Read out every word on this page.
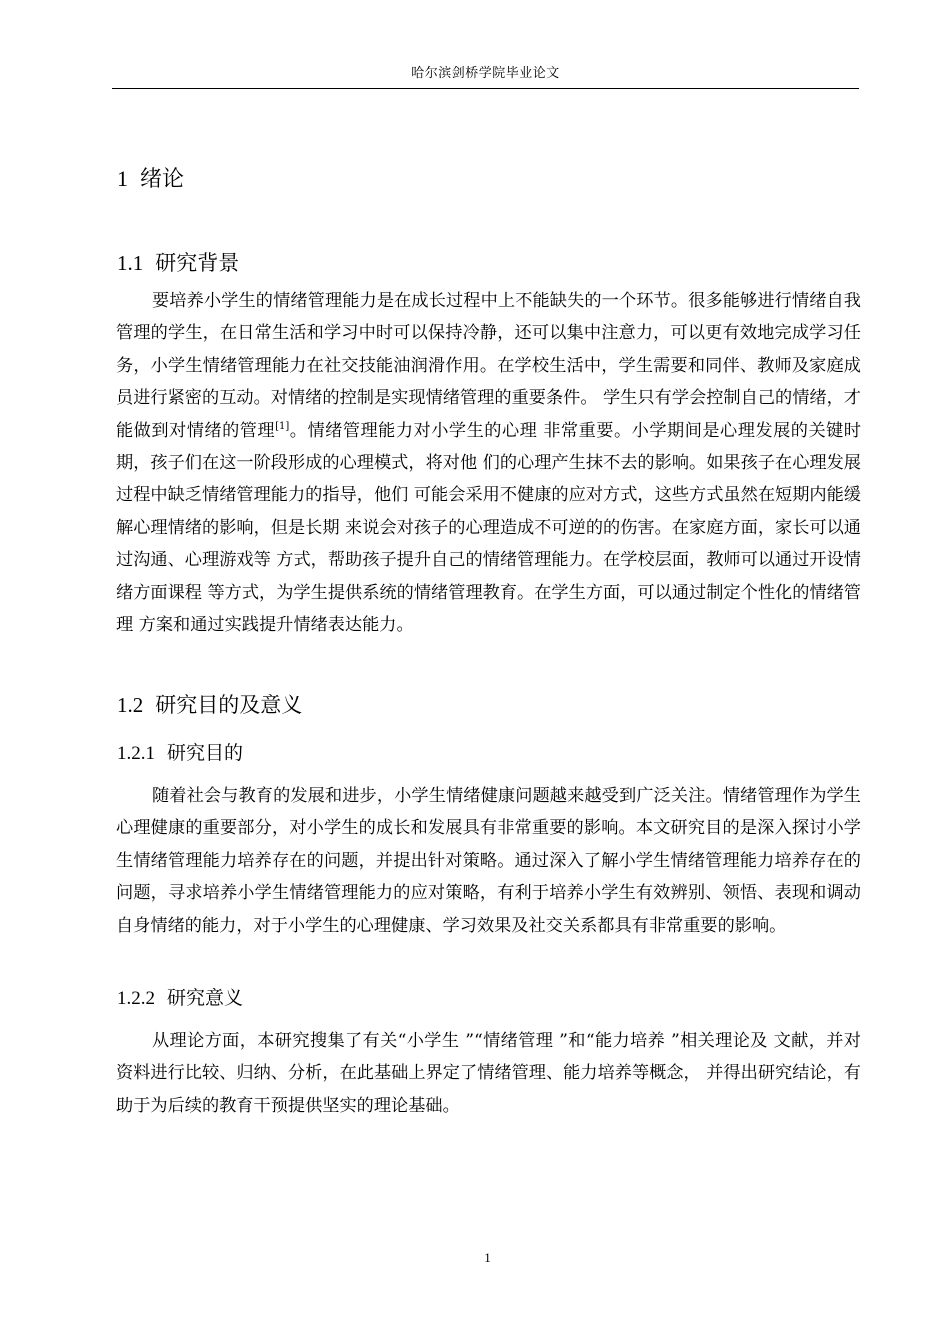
哈尔滨剑桥学院毕业论文
1 绪论
1.1 研究背景

要培养小学生的情绪管理能力是在成长过程中上不能缺失的一个环节。很多能够进行情绪自我管理的学生，在日常生活和学习中时可以保持冷静，还可以集中注意力，可以更有效地完成学习任务，小学生情绪管理能力在社交技能油润滑作用。在学校生活中，学生需要和同伴、教师及家庭成员进行紧密的互动。对情绪的控制是实现情绪管理的重要条件。 学生只有学会控制自己的情绪，才能做到对情绪的管理[1]。情绪管理能力对小学生的心理 非常重要。小学期间是心理发展的关键时期，孩子们在这一阶段形成的心理模式，将对他 们的心理产生抹不去的影响。如果孩子在心理发展过程中缺乏情绪管理能力的指导，他们 可能会采用不健康的应对方式，这些方式虽然在短期内能缓解心理情绪的影响，但是长期 来说会对孩子的心理造成不可逆的的伤害。在家庭方面，家长可以通过沟通、心理游戏等 方式，帮助孩子提升自己的情绪管理能力。在学校层面，教师可以通过开设情绪方面课程 等方式，为学生提供系统的情绪管理教育。在学生方面，可以通过制定个性化的情绪管理 方案和通过实践提升情绪表达能力。

1.2 研究目的及意义
1.2.1 研究目的

随着社会与教育的发展和进步，小学生情绪健康问题越来越受到广泛关注。情绪管理作为学生心理健康的重要部分，对小学生的成长和发展具有非常重要的影响。本文研究目的是深入探讨小学生情绪管理能力培养存在的问题，并提出针对策略。通过深入了解小学生情绪管理能力培养存在的问题，寻求培养小学生情绪管理能力的应对策略，有利于培养小学生有效辨别、领悟、表现和调动自身情绪的能力，对于小学生的心理健康、学习效果及社交关系都具有非常重要的影响。

1.2.2 研究意义

从理论方面，本研究搜集了有关“小学生 ”“情绪管理 ”和“能力培养 ”相关理论及 文献，并对资料进行比较、归纳、分析，在此基础上界定了情绪管理、能力培养等概念， 并得出研究结论，有助于为后续的教育干预提供坚实的理论基础。

1
